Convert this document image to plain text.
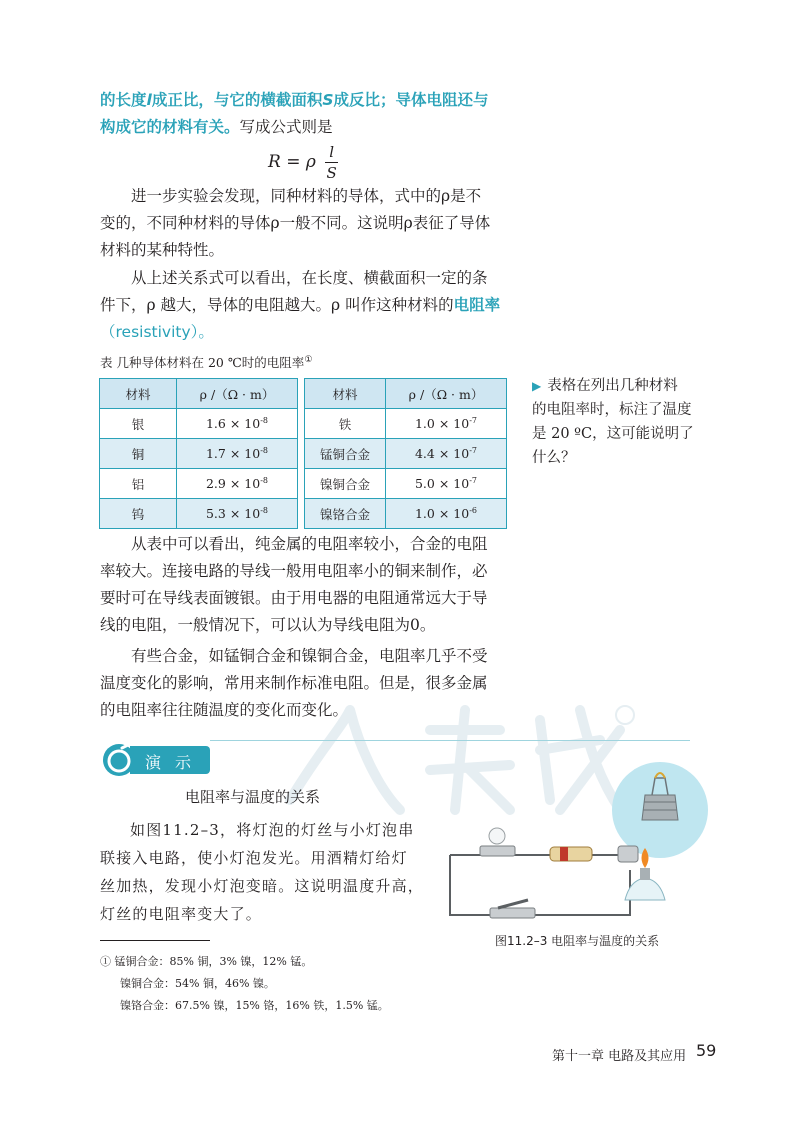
的长度l成正比，与它的横截面积S成反比；导体电阻还与
构成它的材料有关。写成公式则是
R = ρ $\frac{l}{S}$
进一步实验会发现，同种材料的导体，式中的ρ是不
变的，不同种材料的导体ρ一般不同。这说明ρ表征了导体
材料的某种特性。
从上述关系式可以看出，在长度、横截面积一定的条
件下，ρ 越大，导体的电阻越大。ρ 叫作这种材料的电阻率
（resistivity）。
表 几种导体材料在 20 ℃时的电阻率①
材料	ρ /（Ω · m）		材料	ρ /（Ω · m）
银	$1.6 \times 10^{-8}$		铁	$1.0 \times 10^{-7}$
铜	$1.7 \times 10^{-8}$		锰铜合金	$4.4 \times 10^{-7}$
铝	$2.9 \times 10^{-8}$		镍铜合金	$5.0 \times 10^{-7}$
钨	$5.3 \times 10^{-8}$		镍铬合金	$1.0 \times 10^{-6}$
▶ 表格在列出几种材料
的电阻率时，标注了温度
是 20 ºC，这可能说明了
什么？
从表中可以看出，纯金属的电阻率较小，合金的电阻
率较大。连接电路的导线一般用电阻率小的铜来制作，必
要时可在导线表面镀银。由于用电器的电阻通常远大于导
线的电阻，一般情况下，可以认为导线电阻为0。
有些合金，如锰铜合金和镍铜合金，电阻率几乎不受
温度变化的影响，常用来制作标准电阻。但是，很多金属
的电阻率往往随温度的变化而变化。
演示
电阻率与温度的关系
如图11.2–3，将灯泡的灯丝与小灯泡串
联接入电路，使小灯泡发光。用酒精灯给灯
丝加热，发现小灯泡变暗。这说明温度升高，
灯丝的电阻率变大了。
图11.2–3 电阻率与温度的关系
① 锰铜合金：85% 铜，3% 镍，12% 锰。
镍铜合金：54% 铜，46% 镍。
镍铬合金：67.5% 镍，15% 铬，16% 铁，1.5% 锰。
第十一章 电路及其应用 59
